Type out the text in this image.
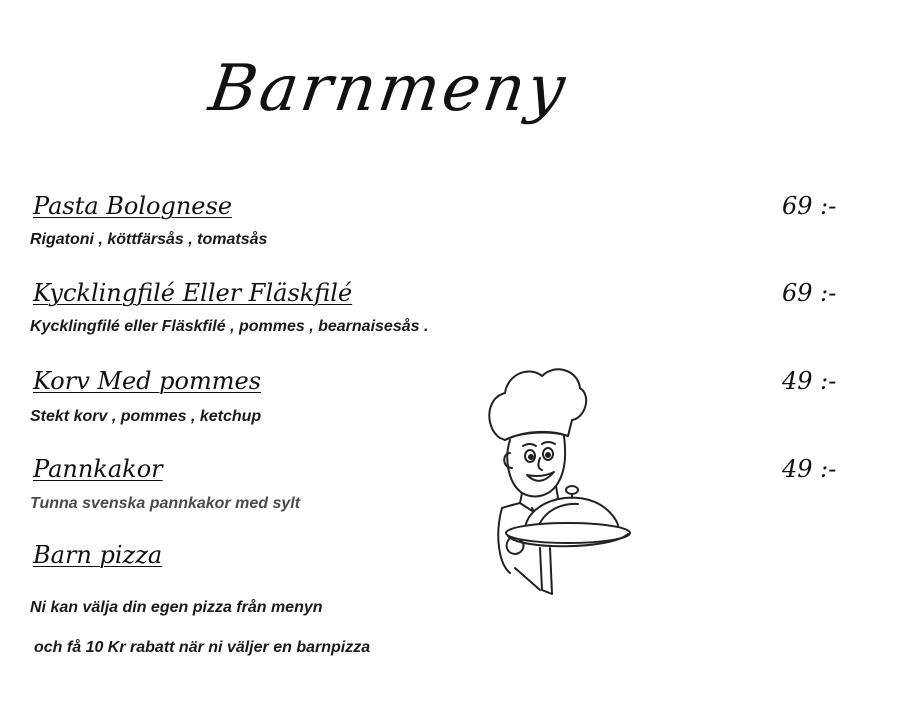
Barnmeny
Pasta Bolognese
Rigatoni , köttfärsås , tomatsås
69 :-
Kycklingfilé Eller Fläskfilé
Kycklingfilé eller Fläskfilé , pommes , bearnaisesås .
69 :-
Korv Med pommes
Stekt korv , pommes , ketchup
49 :-
Pannkakor
Tunna svenska pannkakor med sylt
49 :-
Barn pizza
Ni kan välja din egen pizza från menyn
och få 10 Kr rabatt när ni väljer en barnpizza
